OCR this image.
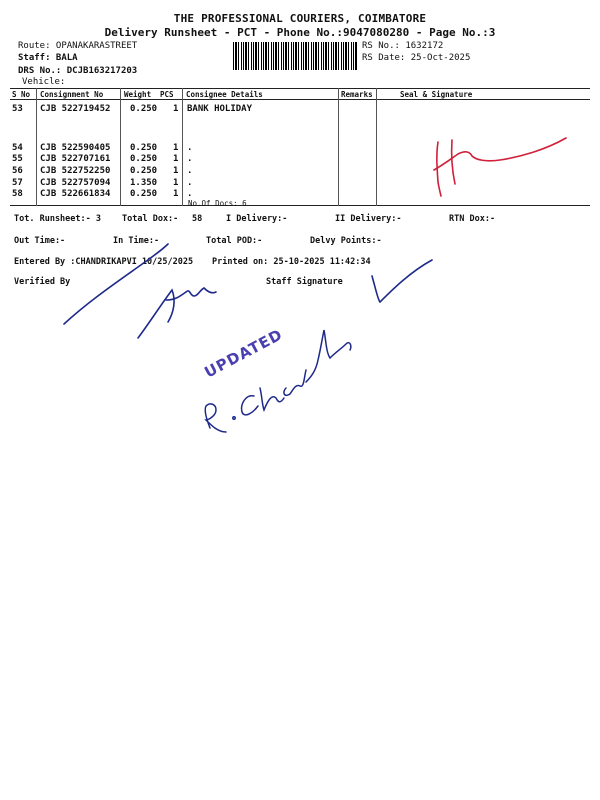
THE PROFESSIONAL COURIERS, COIMBATORE
Delivery Runsheet - PCT - Phone No.:9047080280 - Page No.:3
Route: OPANAKARASTREET
Staff: BALA
DRS No.: DCJB163217203
Vehicle:
RS No.: 1632172
RS Date: 25-Oct-2025
S No Consignment No	Weight PCS Consignee Details	Remarks	Seal & Signature
53 CJB 522719452 0.250 1 BANK HOLIDAY
54 CJB 522590405 0.250 1 .
55 CJB 522707161 0.250 1 .
56 CJB 522752250 0.250 1 .
57 CJB 522757094 1.350 1 .
58 CJB 522661834 0.250 1 .
No.Of Docs: 6
Tot. Runsheet:- 3 Total Dox:- 58	I Delivery:-	II Delivery:-	RTN Dox:-
Out Time:-	In Time:-	Total POD:-	Delvy Points:-
Entered By :CHANDRIKAPVI 10/25/2025 Printed on: 25-10-2025 11:42:34
Verified By	Staff Signature
UPDATED
